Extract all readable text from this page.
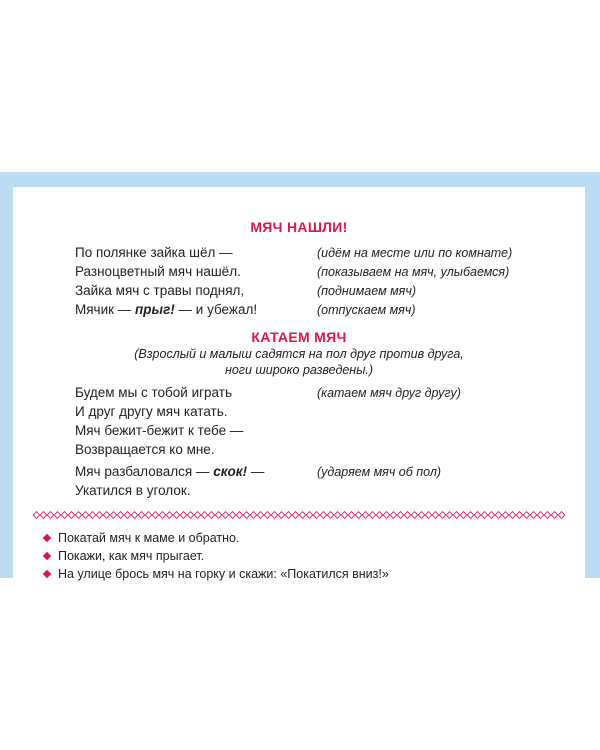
МЯЧ НАШЛИ!
По полянке зайка шёл —	(идём на месте или по комнате)
Разноцветный мяч нашёл.	(показываем на мяч, улыбаемся)
Зайка мяч с травы поднял,	(поднимаем мяч)
Мячик — прыг! — и убежал!	(отпускаем мяч)
КАТАЕМ МЯЧ
(Взрослый и малыш садятся на пол друг против друга,
ноги широко разведены.)
Будем мы с тобой играть	(катаем мяч друг другу)
И друг другу мяч катать.
Мяч бежит-бежит к тебе —
Возвращается ко мне.
Мяч разбаловался — скок! —	(ударяем мяч об пол)
Укатился в уголок.
Покатай мяч к маме и обратно.
Покажи, как мяч прыгает.
На улице брось мяч на горку и скажи: «Покатился вниз!»
